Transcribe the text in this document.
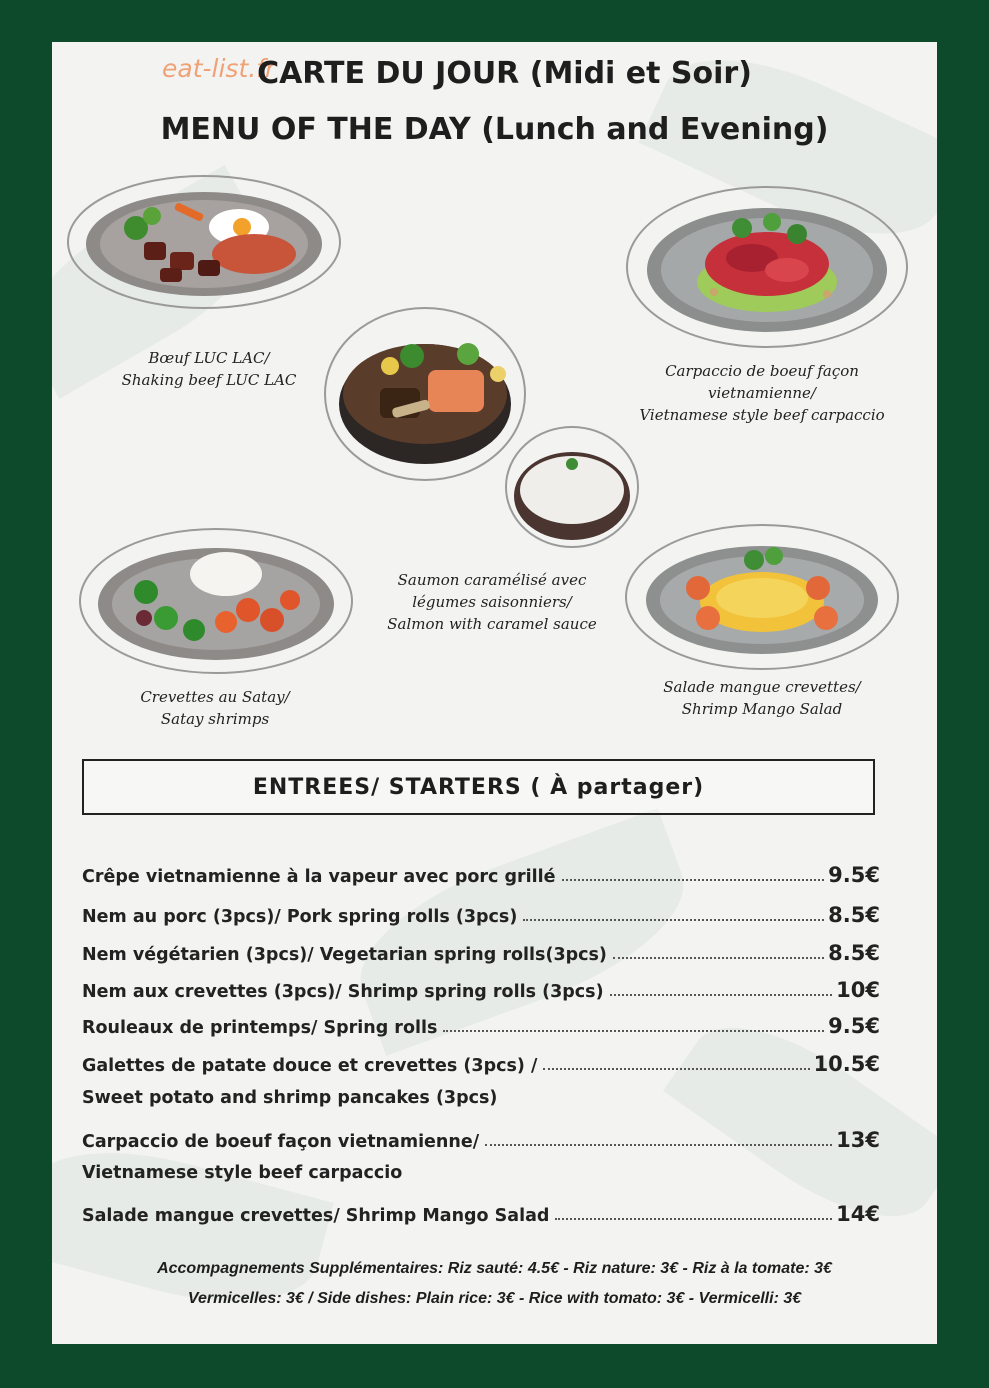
eat-list.fr
CARTE DU JOUR (Midi et Soir)
MENU OF THE DAY (Lunch and Evening)
Bœuf LUC LAC/
Shaking beef LUC LAC	Carpaccio de boeuf façon vietnamienne/
Vietnamese style beef carpaccio
Saumon caramélisé avec
légumes saisonniers/
Salmon with caramel sauce
Crevettes au Satay/
Satay shrimps
Salade mangue crevettes/
Shrimp Mango Salad
ENTREES/ STARTERS ( À partager)
Crêpe vietnamienne à la vapeur avec porc grillé	9.5€
Nem au porc (3pcs)/ Pork spring rolls (3pcs)	8.5€
Nem végétarien (3pcs)/ Vegetarian spring rolls(3pcs)	8.5€
Nem aux crevettes (3pcs)/ Shrimp spring rolls (3pcs)	10€
Rouleaux de printemps/ Spring rolls	9.5€
Galettes de patate douce et crevettes (3pcs) /	10.5€
Sweet potato and shrimp pancakes (3pcs)
Carpaccio de boeuf façon vietnamienne/	13€
Vietnamese style beef carpaccio
Salade mangue crevettes/ Shrimp Mango Salad	14€
Accompagnements Supplémentaires: Riz sauté: 4.5€ - Riz nature: 3€ - Riz à la tomate: 3€
Vermicelles: 3€ / Side dishes: Plain rice: 3€ - Rice with tomato: 3€ - Vermicelli: 3€
